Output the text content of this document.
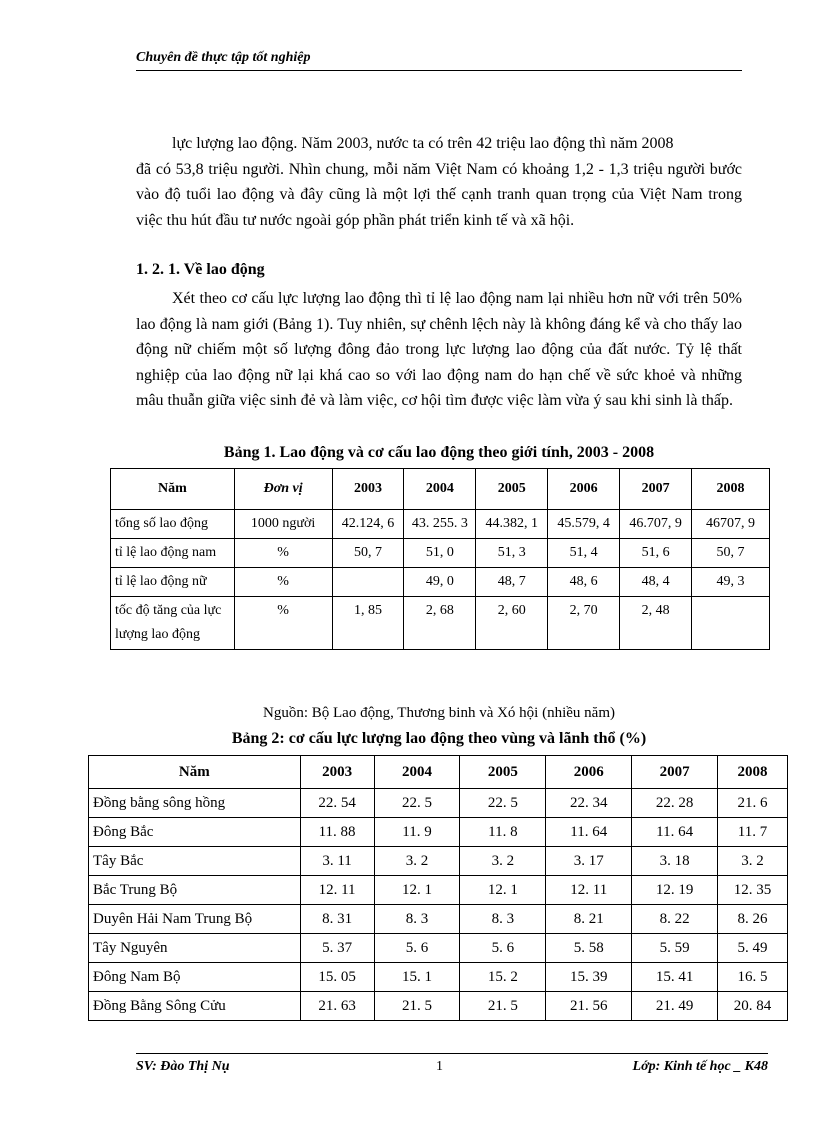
Chuyên đề thực tập tốt nghiệp
lực lượng lao động. Năm 2003, nước ta có trên 42 triệu lao động thì năm 2008
đã có 53,8 triệu người. Nhìn chung, mỗi năm Việt Nam có khoảng 1,2 - 1,3 triệu người bước vào độ tuổi lao động và đây cũng là một lợi thế cạnh tranh quan trọng của Việt Nam trong việc thu hút đầu tư nước ngoài góp phần phát triển kinh tế và xã hội.
1. 2. 1. Về lao động

Xét theo cơ cấu lực lượng lao động thì tỉ lệ lao động nam lại nhiều hơn nữ với trên 50% lao động là nam giới (Bảng 1). Tuy nhiên, sự chênh lệch này là không đáng kể và cho thấy lao động nữ chiếm một số lượng đông đảo trong lực lượng lao động của đất nước. Tỷ lệ thất nghiệp của lao động nữ lại khá cao so với lao động nam do hạn chế về sức khoẻ và những mâu thuẫn giữa việc sinh đẻ và làm việc, cơ hội tìm được việc làm vừa ý sau khi sinh là thấp.

Bảng 1. Lao động và cơ cấu lao động theo giới tính, 2003 - 2008
Năm	Đơn vị	2003	2004	2005	2006	2007	2008
tổng số lao động	1000 người	42.124, 6	43. 255. 3	44.382, 1	45.579, 4	46.707, 9	46707, 9
tỉ lệ lao động nam	%	50, 7	51, 0	51, 3	51, 4	51, 6	50, 7
tỉ lệ lao động nữ	%		49, 0	48, 7	48, 6	48, 4	49, 3
tốc độ tăng của lực lượng lao động	%	1, 85	2, 68	2, 60	2, 70	2, 48	
Nguồn: Bộ Lao động, Thương binh và Xó hội (nhiều năm)
Bảng 2: cơ cấu lực lượng lao động theo vùng và lãnh thổ (%)
Năm	2003	2004	2005	2006	2007	2008
Đồng bằng sông hồng	22. 54	22. 5	22. 5	22. 34	22. 28	21. 6
Đông Bắc	11. 88	11. 9	11. 8	11. 64	11. 64	11. 7
Tây Bắc	3. 11	3. 2	3. 2	3. 17	3. 18	3. 2
Bắc Trung Bộ	12. 11	12. 1	12. 1	12. 11	12. 19	12. 35
Duyên Hải Nam Trung Bộ	8. 31	8. 3	8. 3	8. 21	8. 22	8. 26
Tây Nguyên	5. 37	5. 6	5. 6	5. 58	5. 59	5. 49
Đông Nam Bộ	15. 05	15. 1	15. 2	15. 39	15. 41	16. 5
Đồng Bằng Sông Cửu	21. 63	21. 5	21. 5	21. 56	21. 49	20. 84
SV: Đào Thị Nụ	1	Lớp: Kinh tế học _ K48
